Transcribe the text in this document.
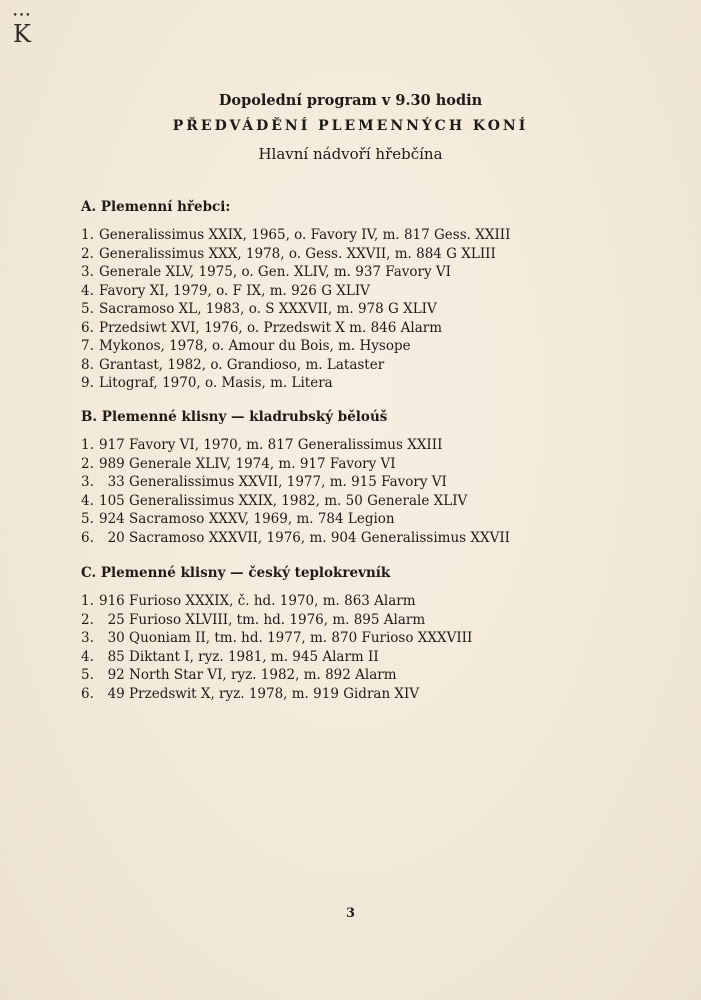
•••
K
Dopolední program v 9.30 hodin
PŘEDVÁDĚNÍ PLEMENNÝCH KONÍ
Hlavní nádvoří hřebčína
A. Plemenní hřebci:
1. Generalissimus XXIX, 1965, o. Favory IV, m. 817 Gess. XXIII
2. Generalissimus XXX, 1978, o. Gess. XXVII, m. 884 G XLIII
3. Generale XLV, 1975, o. Gen. XLIV, m. 937 Favory VI
4. Favory XI, 1979, o. F IX, m. 926 G XLIV
5. Sacramoso XL, 1983, o. S XXXVII, m. 978 G XLIV
6. Przedsiwt XVI, 1976, o. Przedswit X m. 846 Alarm
7. Mykonos, 1978, o. Amour du Bois, m. Hysope
8. Grantast, 1982, o. Grandioso, m. Lataster
9. Litograf, 1970, o. Masis, m. Litera
B. Plemenné klisny — kladrubský běloúš
1. 917 Favory VI, 1970, m. 817 Generalissimus XXIII
2. 989 Generale XLIV, 1974, m. 917 Favory VI
3.  33 Generalissimus XXVII, 1977, m. 915 Favory VI
4. 105 Generalissimus XXIX, 1982, m. 50 Generale XLIV
5. 924 Sacramoso XXXV, 1969, m. 784 Legion
6.  20 Sacramoso XXXVII, 1976, m. 904 Generalissimus XXVII
C. Plemenné klisny — český teplokrevník
1. 916 Furioso XXXIX, č. hd. 1970, m. 863 Alarm
2.  25 Furioso XLVIII, tm. hd. 1976, m. 895 Alarm
3.  30 Quoniam II, tm. hd. 1977, m. 870 Furioso XXXVIII
4.  85 Diktant I, ryz. 1981, m. 945 Alarm II
5.  92 North Star VI, ryz. 1982, m. 892 Alarm
6.  49 Przedswit X, ryz. 1978, m. 919 Gidran XIV
3
